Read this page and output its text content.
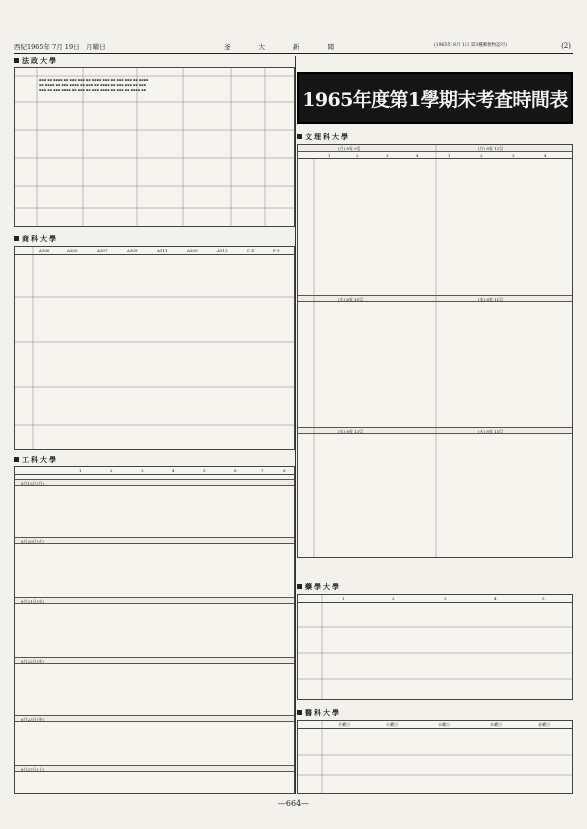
西紀1965年 7月 19日　月曜日	釜大新聞	(1965年 8月 1日 第3種郵便物認可)	(2)
法政大學
▪▪▪ ▪▪ ▪▪▪▪ ▪▪ ▪▪▪ ▪▪▪ ▪▪ ▪▪▪▪ ▪▪▪ ▪▪ ▪▪▪ ▪▪▪ ▪▪ ▪▪▪▪
▪▪ ▪▪▪▪ ▪▪ ▪▪▪ ▪▪▪▪ ▪▪ ▪▪▪ ▪▪ ▪▪▪▪ ▪▪ ▪▪▪ ▪▪▪ ▪▪ ▪▪▪
▪▪▪ ▪▪ ▪▪▪ ▪▪▪▪ ▪▪ ▪▪▪ ▪▪ ▪▪▪ ▪▪▪▪ ▪▪ ▪▪▪ ▪▪ ▪▪▪▪ ▪▪
商科大學
A106	A305	A307	A309	A311	A309	A313	C 4	F 5
工科大學
1	2	3	4	5	6	7	8
8月15日(月)
8月20日(火)
8月21日(水)
8月22日(木)
8月23日(金)
8月27日(土)
1965年度第1學期末考査時間表
文理科大學
(月) 8월 9일	(月) 8월 12일
1	2	3	4	1	2	3	4
(火) 8월 10일	(木) 8월 11일
(水) 8월 13일	(火) 8월 15일
藥學大學
1	2	3	4	5
醫科大學
月曜日	火曜日	水曜日	木曜日	金曜日
—664—
